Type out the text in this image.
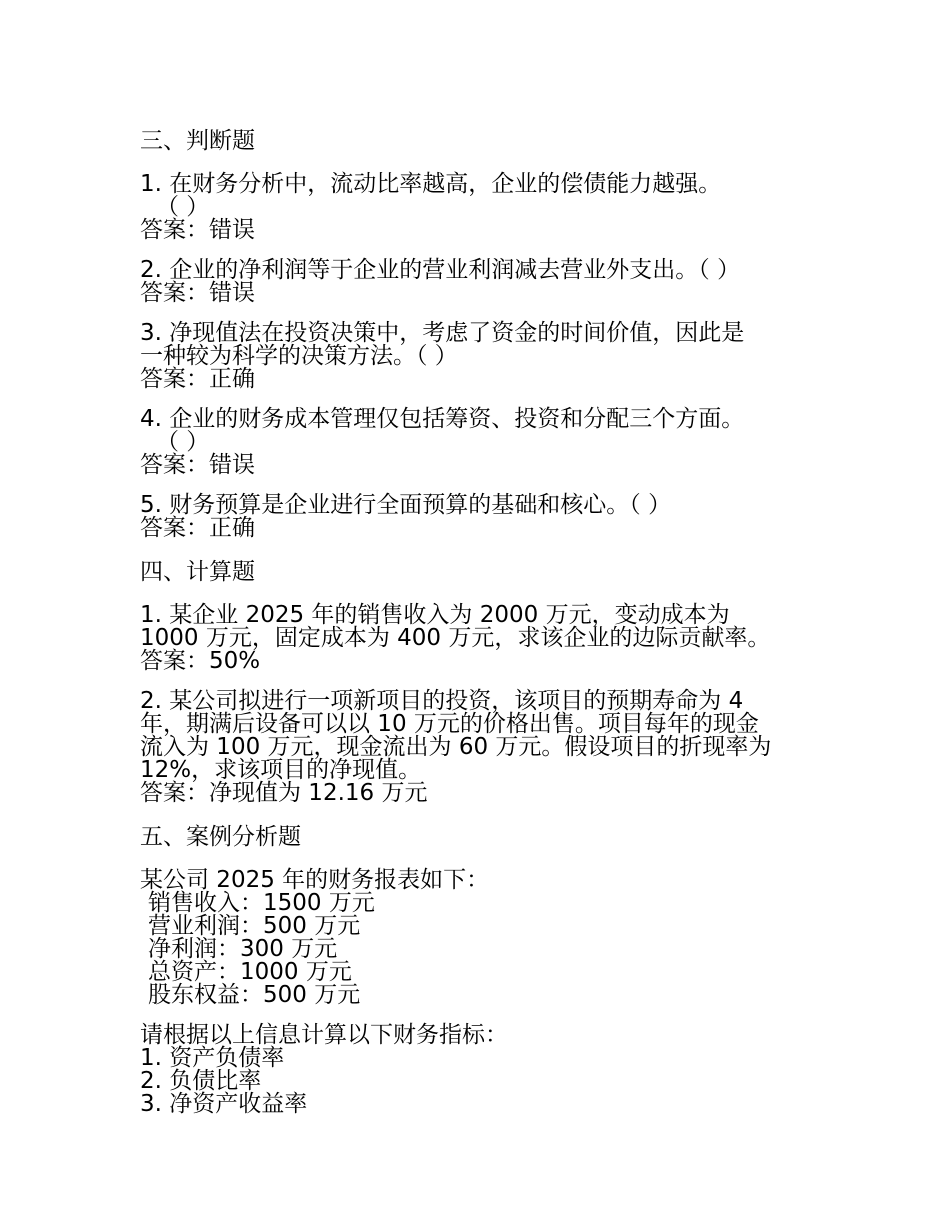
三、判断题
1. 在财务分析中，流动比率越高，企业的偿债能力越强。
（ ）
答案：错误
2. 企业的净利润等于企业的营业利润减去营业外支出。（ ）
答案：错误
3. 净现值法在投资决策中，考虑了资金的时间价值，因此是
一种较为科学的决策方法。（ ）
答案：正确
4. 企业的财务成本管理仅包括筹资、投资和分配三个方面。
（ ）
答案：错误
5. 财务预算是企业进行全面预算的基础和核心。（ ）
答案：正确
四、计算题
1. 某企业 2025 年的销售收入为 2000 万元，变动成本为
1000 万元，固定成本为 400 万元，求该企业的边际贡献率。
答案：50%
2. 某公司拟进行一项新项目的投资，该项目的预期寿命为 4
年，期满后设备可以以 10 万元的价格出售。项目每年的现金
流入为 100 万元，现金流出为 60 万元。假设项目的折现率为
12%，求该项目的净现值。
答案：净现值为 12.16 万元
五、案例分析题
某公司 2025 年的财务报表如下：
销售收入：1500 万元
营业利润：500 万元
净利润：300 万元
总资产：1000 万元
股东权益：500 万元
请根据以上信息计算以下财务指标：
1. 资产负债率
2. 负债比率
3. 净资产收益率
